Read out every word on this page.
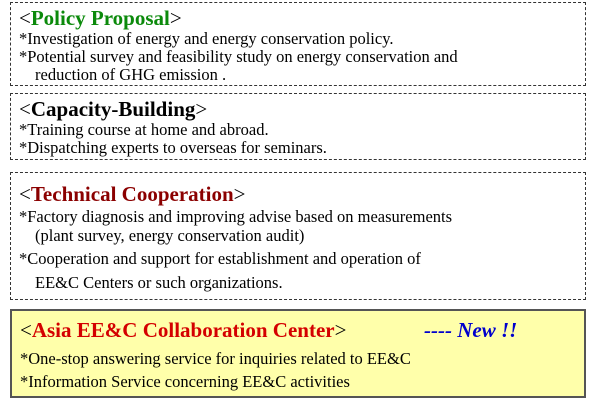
<Policy Proposal>
*Investigation of energy and energy conservation policy.
*Potential survey and feasibility study on energy conservation and
reduction of GHG emission .
<Capacity-Building>
*Training course at home and abroad.
*Dispatching experts to overseas for seminars.
<Technical Cooperation>
*Factory diagnosis and improving advise based on measurements
(plant survey, energy conservation audit)
*Cooperation and support for establishment and operation of
EE&C Centers or such organizations.
<Asia EE&C Collaboration Center>	---- New !!
*One-stop answering service for inquiries related to EE&C
*Information Service concerning EE&C activities
